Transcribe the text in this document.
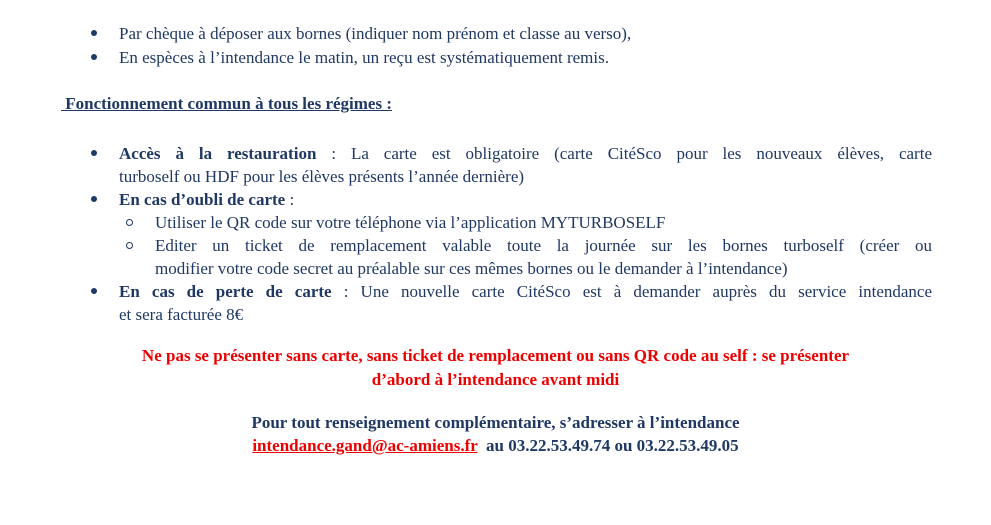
Par chèque à déposer aux bornes (indiquer nom prénom et classe au verso),
En espèces à l’intendance le matin, un reçu est systématiquement remis.
Fonctionnement commun à tous les régimes :
Accès à la restauration : La carte est obligatoire (carte CitéSco pour les nouveaux élèves, carte
turboself ou HDF pour les élèves présents l’année dernière)
En cas d’oubli de carte :
Utiliser le QR code sur votre téléphone via l’application MYTURBOSELF
Editer un ticket de remplacement valable toute la journée sur les bornes turboself (créer ou
modifier votre code secret au préalable sur ces mêmes bornes ou le demander à l’intendance)
En cas de perte de carte : Une nouvelle carte CitéSco est à demander auprès du service intendance
et sera facturée 8€
Ne pas se présenter sans carte, sans ticket de remplacement ou sans QR code au self : se présenter
d’abord à l’intendance avant midi
Pour tout renseignement complémentaire, s’adresser à l’intendance
intendance.gand@ac-amiens.fr  au 03.22.53.49.74 ou 03.22.53.49.05
